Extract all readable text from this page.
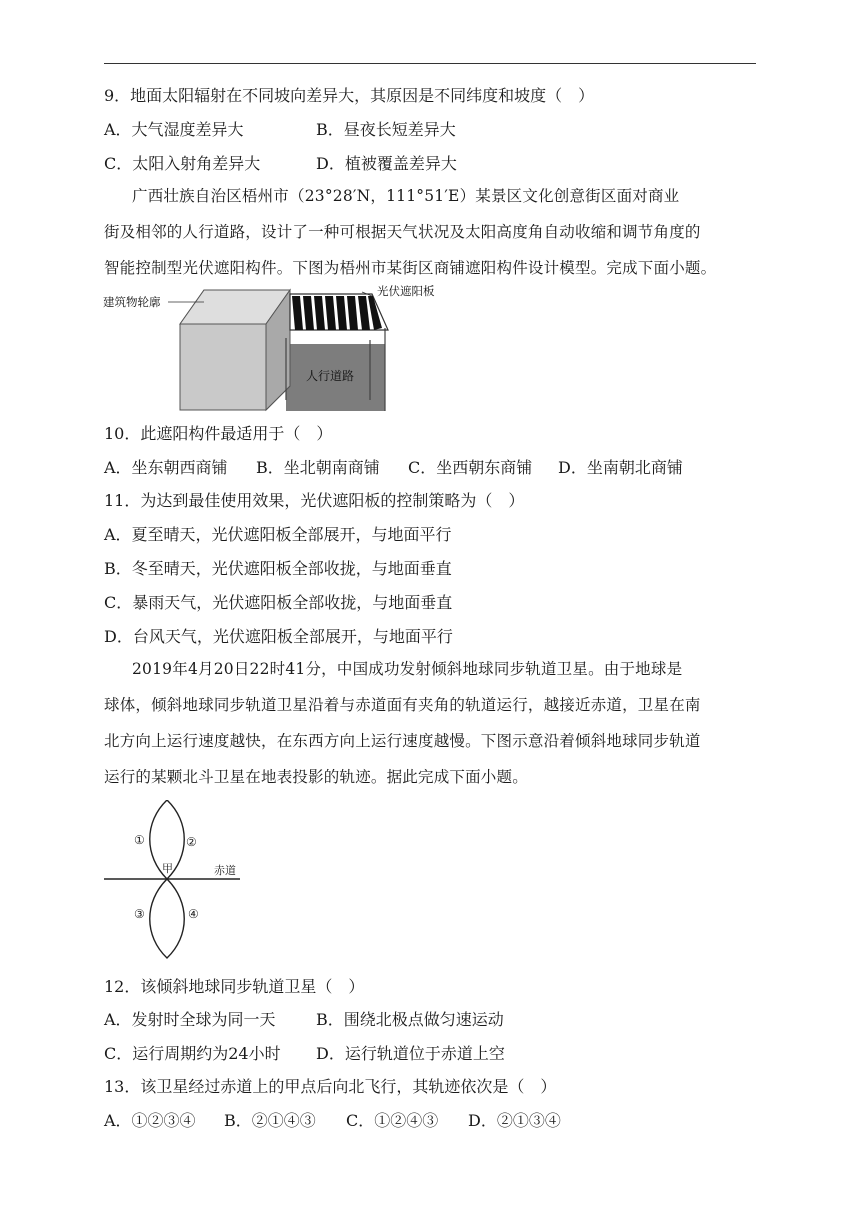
9．地面太阳辐射在不同坡向差异大，其原因是不同纬度和坡度（　）
A．大气湿度差异大	B．昼夜长短差异大
C．太阳入射角差异大	D．植被覆盖差异大
广西壮族自治区梧州市（23°28′N，111°51′E）某景区文化创意街区面对商业
街及相邻的人行道路，设计了一种可根据天气状况及太阳高度角自动收缩和调节角度的
智能控制型光伏遮阳构件。下图为梧州市某街区商铺遮阳构件设计模型。完成下面小题。
建筑物轮廓
光伏遮阳板
人行道路
10．此遮阳构件最适用于（　）
A．坐东朝西商铺 B．坐北朝南商铺 C．坐西朝东商铺 D．坐南朝北商铺
11．为达到最佳使用效果，光伏遮阳板的控制策略为（　）
A．夏至晴天，光伏遮阳板全部展开，与地面平行
B．冬至晴天，光伏遮阳板全部收拢，与地面垂直
C．暴雨天气，光伏遮阳板全部收拢，与地面垂直
D．台风天气，光伏遮阳板全部展开，与地面平行
2019年4月20日22时41分，中国成功发射倾斜地球同步轨道卫星。由于地球是
球体，倾斜地球同步轨道卫星沿着与赤道面有夹角的轨道运行，越接近赤道，卫星在南
北方向上运行速度越快，在东西方向上运行速度越慢。下图示意沿着倾斜地球同步轨道
运行的某颗北斗卫星在地表投影的轨迹。据此完成下面小题。
①	②
③	④
甲	赤道
12．该倾斜地球同步轨道卫星（　）
A．发射时全球为同一天	B．围绕北极点做匀速运动
C．运行周期约为24小时 D．运行轨道位于赤道上空
13．该卫星经过赤道上的甲点后向北飞行，其轨迹依次是（　）
A．①②③④ B．②①④③ C．①②④③ D．②①③④
